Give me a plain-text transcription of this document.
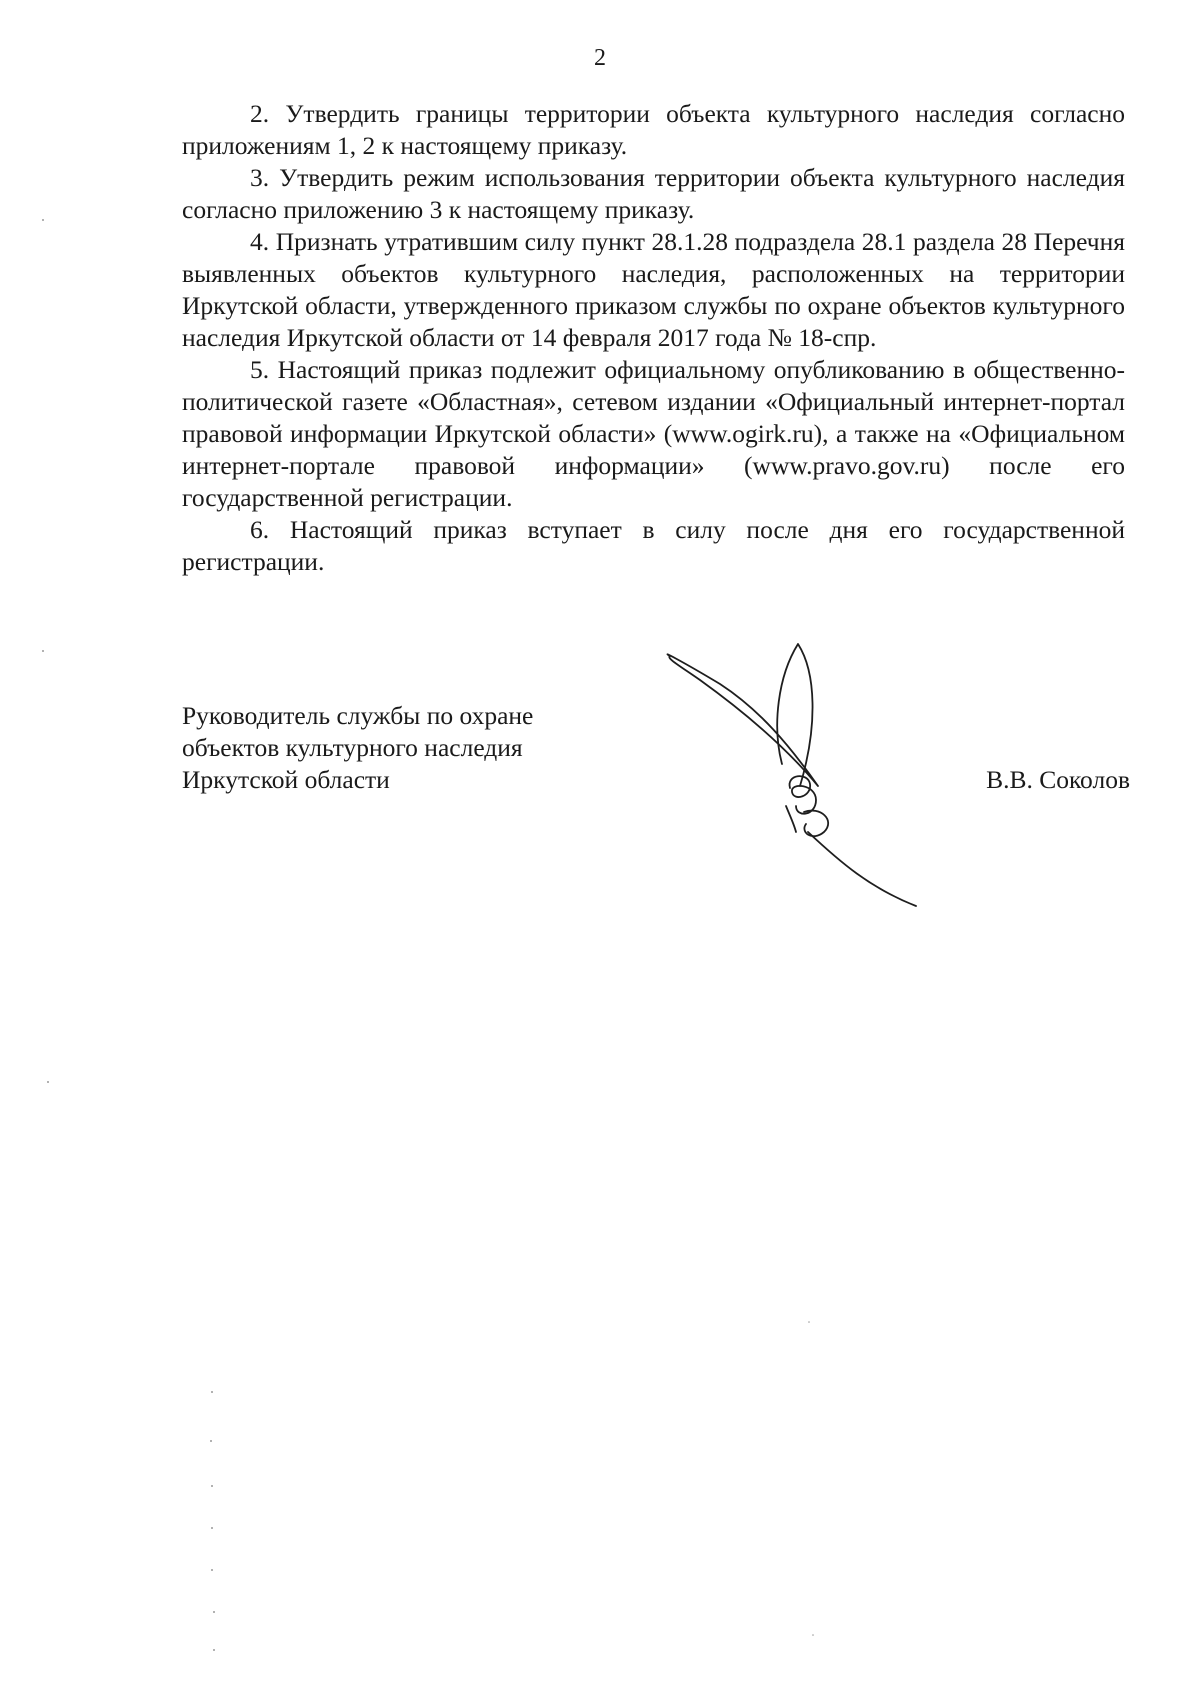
2

2. Утвердить границы территории объекта культурного наследия согласно приложениям 1, 2 к настоящему приказу.

3. Утвердить режим использования территории объекта культурного наследия согласно приложению 3 к настоящему приказу.

4. Признать утратившим силу пункт 28.1.28 подраздела 28.1 раздела 28 Перечня выявленных объектов культурного наследия, расположенных на территории Иркутской области, утвержденного приказом службы по охране объектов культурного наследия Иркутской области от 14 февраля 2017 года № 18-спр.

5. Настоящий приказ подлежит официальному опубликованию в общественно-политической газете «Областная», сетевом издании «Официальный интернет-портал правовой информации Иркутской области» (www.ogirk.ru), а также на «Официальном интернет-портале правовой информации» (www.pravo.gov.ru) после его государственной регистрации.

6. Настоящий приказ вступает в силу после дня его государственной регистрации.

Руководитель службы по охране
объектов культурного наследия
Иркутской области	В.В. Соколов
